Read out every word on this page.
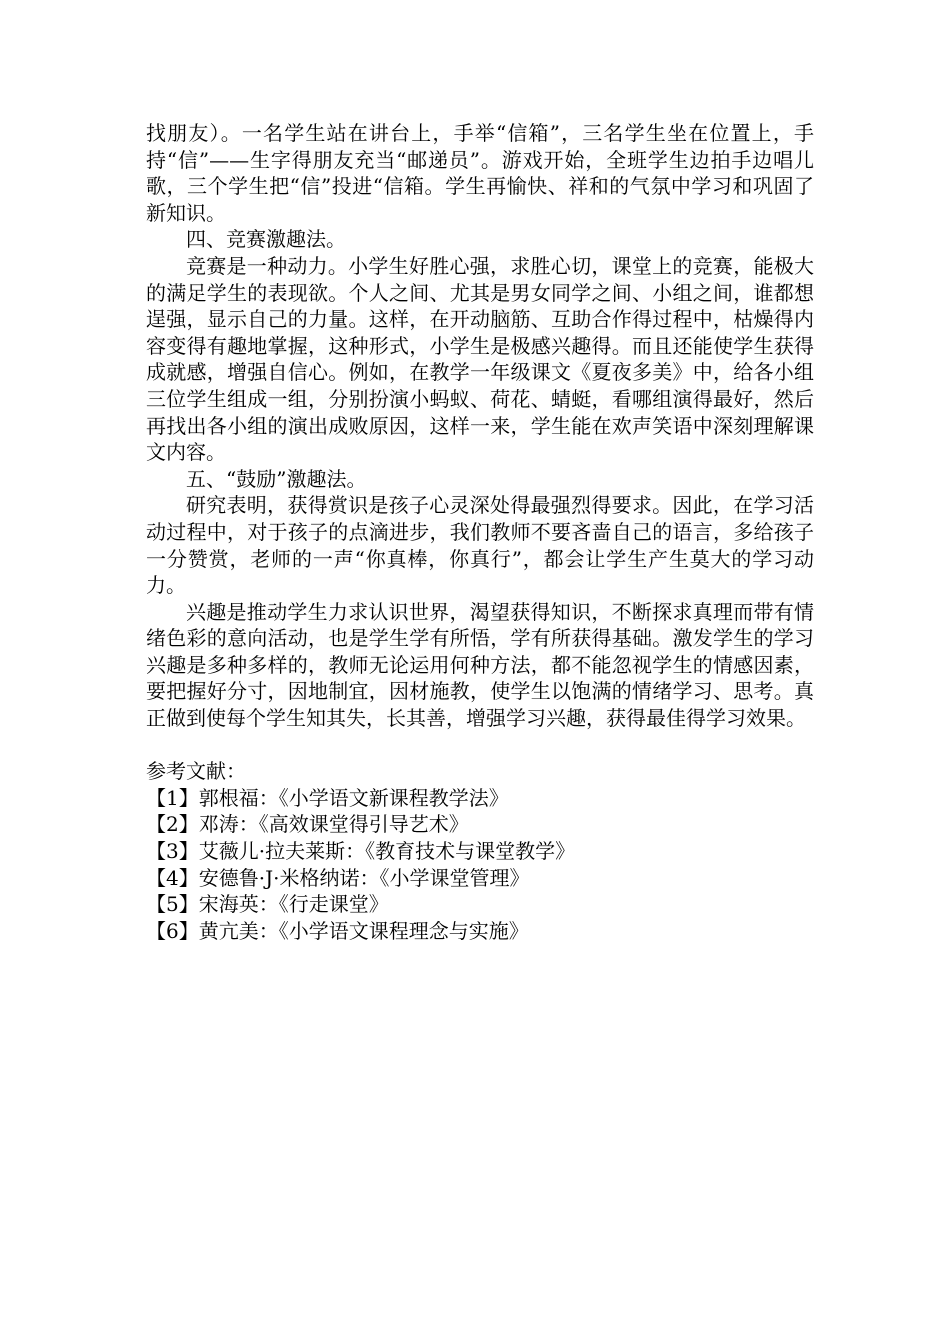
找朋友）。一名学生站在讲台上，手举“信箱”，三名学生坐在位置上，手持“信”——生字得朋友充当“邮递员”。游戏开始，全班学生边拍手边唱儿歌，三个学生把“信”投进“信箱。学生再愉快、祥和的气氛中学习和巩固了新知识。

四、竞赛激趣法。

竞赛是一种动力。小学生好胜心强，求胜心切，课堂上的竞赛，能极大的满足学生的表现欲。个人之间、尤其是男女同学之间、小组之间，谁都想逞强，显示自己的力量。这样，在开动脑筋、互助合作得过程中，枯燥得内容变得有趣地掌握，这种形式，小学生是极感兴趣得。而且还能使学生获得成就感，增强自信心。例如，在教学一年级课文《夏夜多美》中，给各小组三位学生组成一组，分别扮演小蚂蚁、荷花、蜻蜓，看哪组演得最好，然后再找出各小组的演出成败原因，这样一来，学生能在欢声笑语中深刻理解课文内容。

五、“鼓励”激趣法。

研究表明，获得赏识是孩子心灵深处得最强烈得要求。因此，在学习活动过程中，对于孩子的点滴进步，我们教师不要吝啬自己的语言，多给孩子一分赞赏，老师的一声“你真棒，你真行”，都会让学生产生莫大的学习动力。

兴趣是推动学生力求认识世界，渴望获得知识，不断探求真理而带有情绪色彩的意向活动，也是学生学有所悟，学有所获得基础。激发学生的学习兴趣是多种多样的，教师无论运用何种方法，都不能忽视学生的情感因素，要把握好分寸，因地制宜，因材施教，使学生以饱满的情绪学习、思考。真正做到使每个学生知其失，长其善，增强学习兴趣，获得最佳得学习效果。

参考文献：

【1】郭根福：《小学语文新课程教学法》
【2】邓涛：《高效课堂得引导艺术》
【3】艾薇儿·拉夫莱斯：《教育技术与课堂教学》
【4】安德鲁·J·米格纳诺：《小学课堂管理》
【5】宋海英：《行走课堂》
【6】黄亢美：《小学语文课程理念与实施》
